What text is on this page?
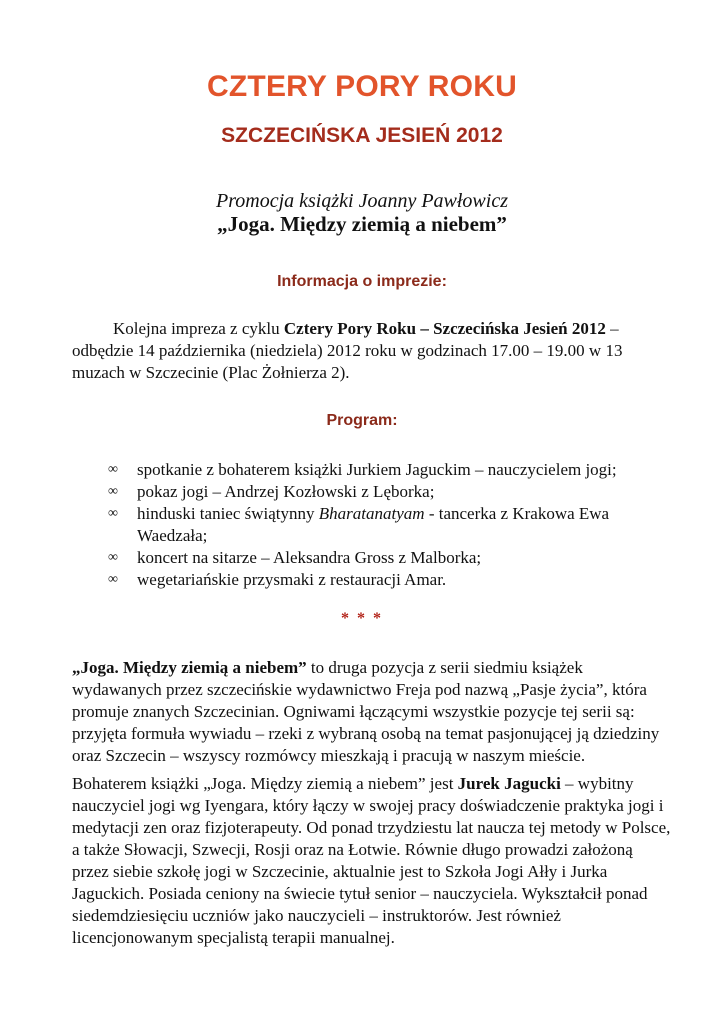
CZTERY PORY ROKU
SZCZECIŃSKA JESIEŃ 2012
Promocja książki Joanny Pawłowicz
„Joga. Między ziemią a niebem”
Informacja o imprezie:

Kolejna impreza z cyklu Cztery Pory Roku – Szczecińska Jesień 2012 – odbędzie 14 października (niedziela) 2012 roku w godzinach 17.00 – 19.00 w 13 muzach w Szczecinie (Plac Żołnierza 2).

Program:
∞ spotkanie z bohaterem książki Jurkiem Jaguckim – nauczycielem jogi;
∞ pokaz jogi – Andrzej Kozłowski z Lęborka;
∞ hinduski taniec świątynny Bharatanatyam - tancerka z Krakowa Ewa Waedzała;
∞ koncert na sitarze – Aleksandra Gross z Malborka;
∞ wegetariańskie przysmaki z restauracji Amar.
* * *

„Joga. Między ziemią a niebem” to druga pozycja z serii siedmiu książek wydawanych przez szczecińskie wydawnictwo Freja pod nazwą „Pasje życia”, która promuje znanych Szczecinian. Ogniwami łączącymi wszystkie pozycje tej serii są: przyjęta formuła wywiadu – rzeki z wybraną osobą na temat pasjonującej ją dziedziny oraz Szczecin – wszyscy rozmówcy mieszkają i pracują w naszym mieście.

Bohaterem książki „Joga. Między ziemią a niebem” jest Jurek Jagucki – wybitny nauczyciel jogi wg Iyengara, który łączy w swojej pracy doświadczenie praktyka jogi i medytacji zen oraz fizjoterapeuty. Od ponad trzydziestu lat naucza tej metody w Polsce, a także Słowacji, Szwecji, Rosji oraz na Łotwie. Równie długo prowadzi założoną przez siebie szkołę jogi w Szczecinie, aktualnie jest to Szkoła Jogi Ałły i Jurka Jaguckich. Posiada ceniony na świecie tytuł senior – nauczyciela. Wykształcił ponad siedemdziesięciu uczniów jako nauczycieli – instruktorów. Jest również licencjonowanym specjalistą terapii manualnej.
